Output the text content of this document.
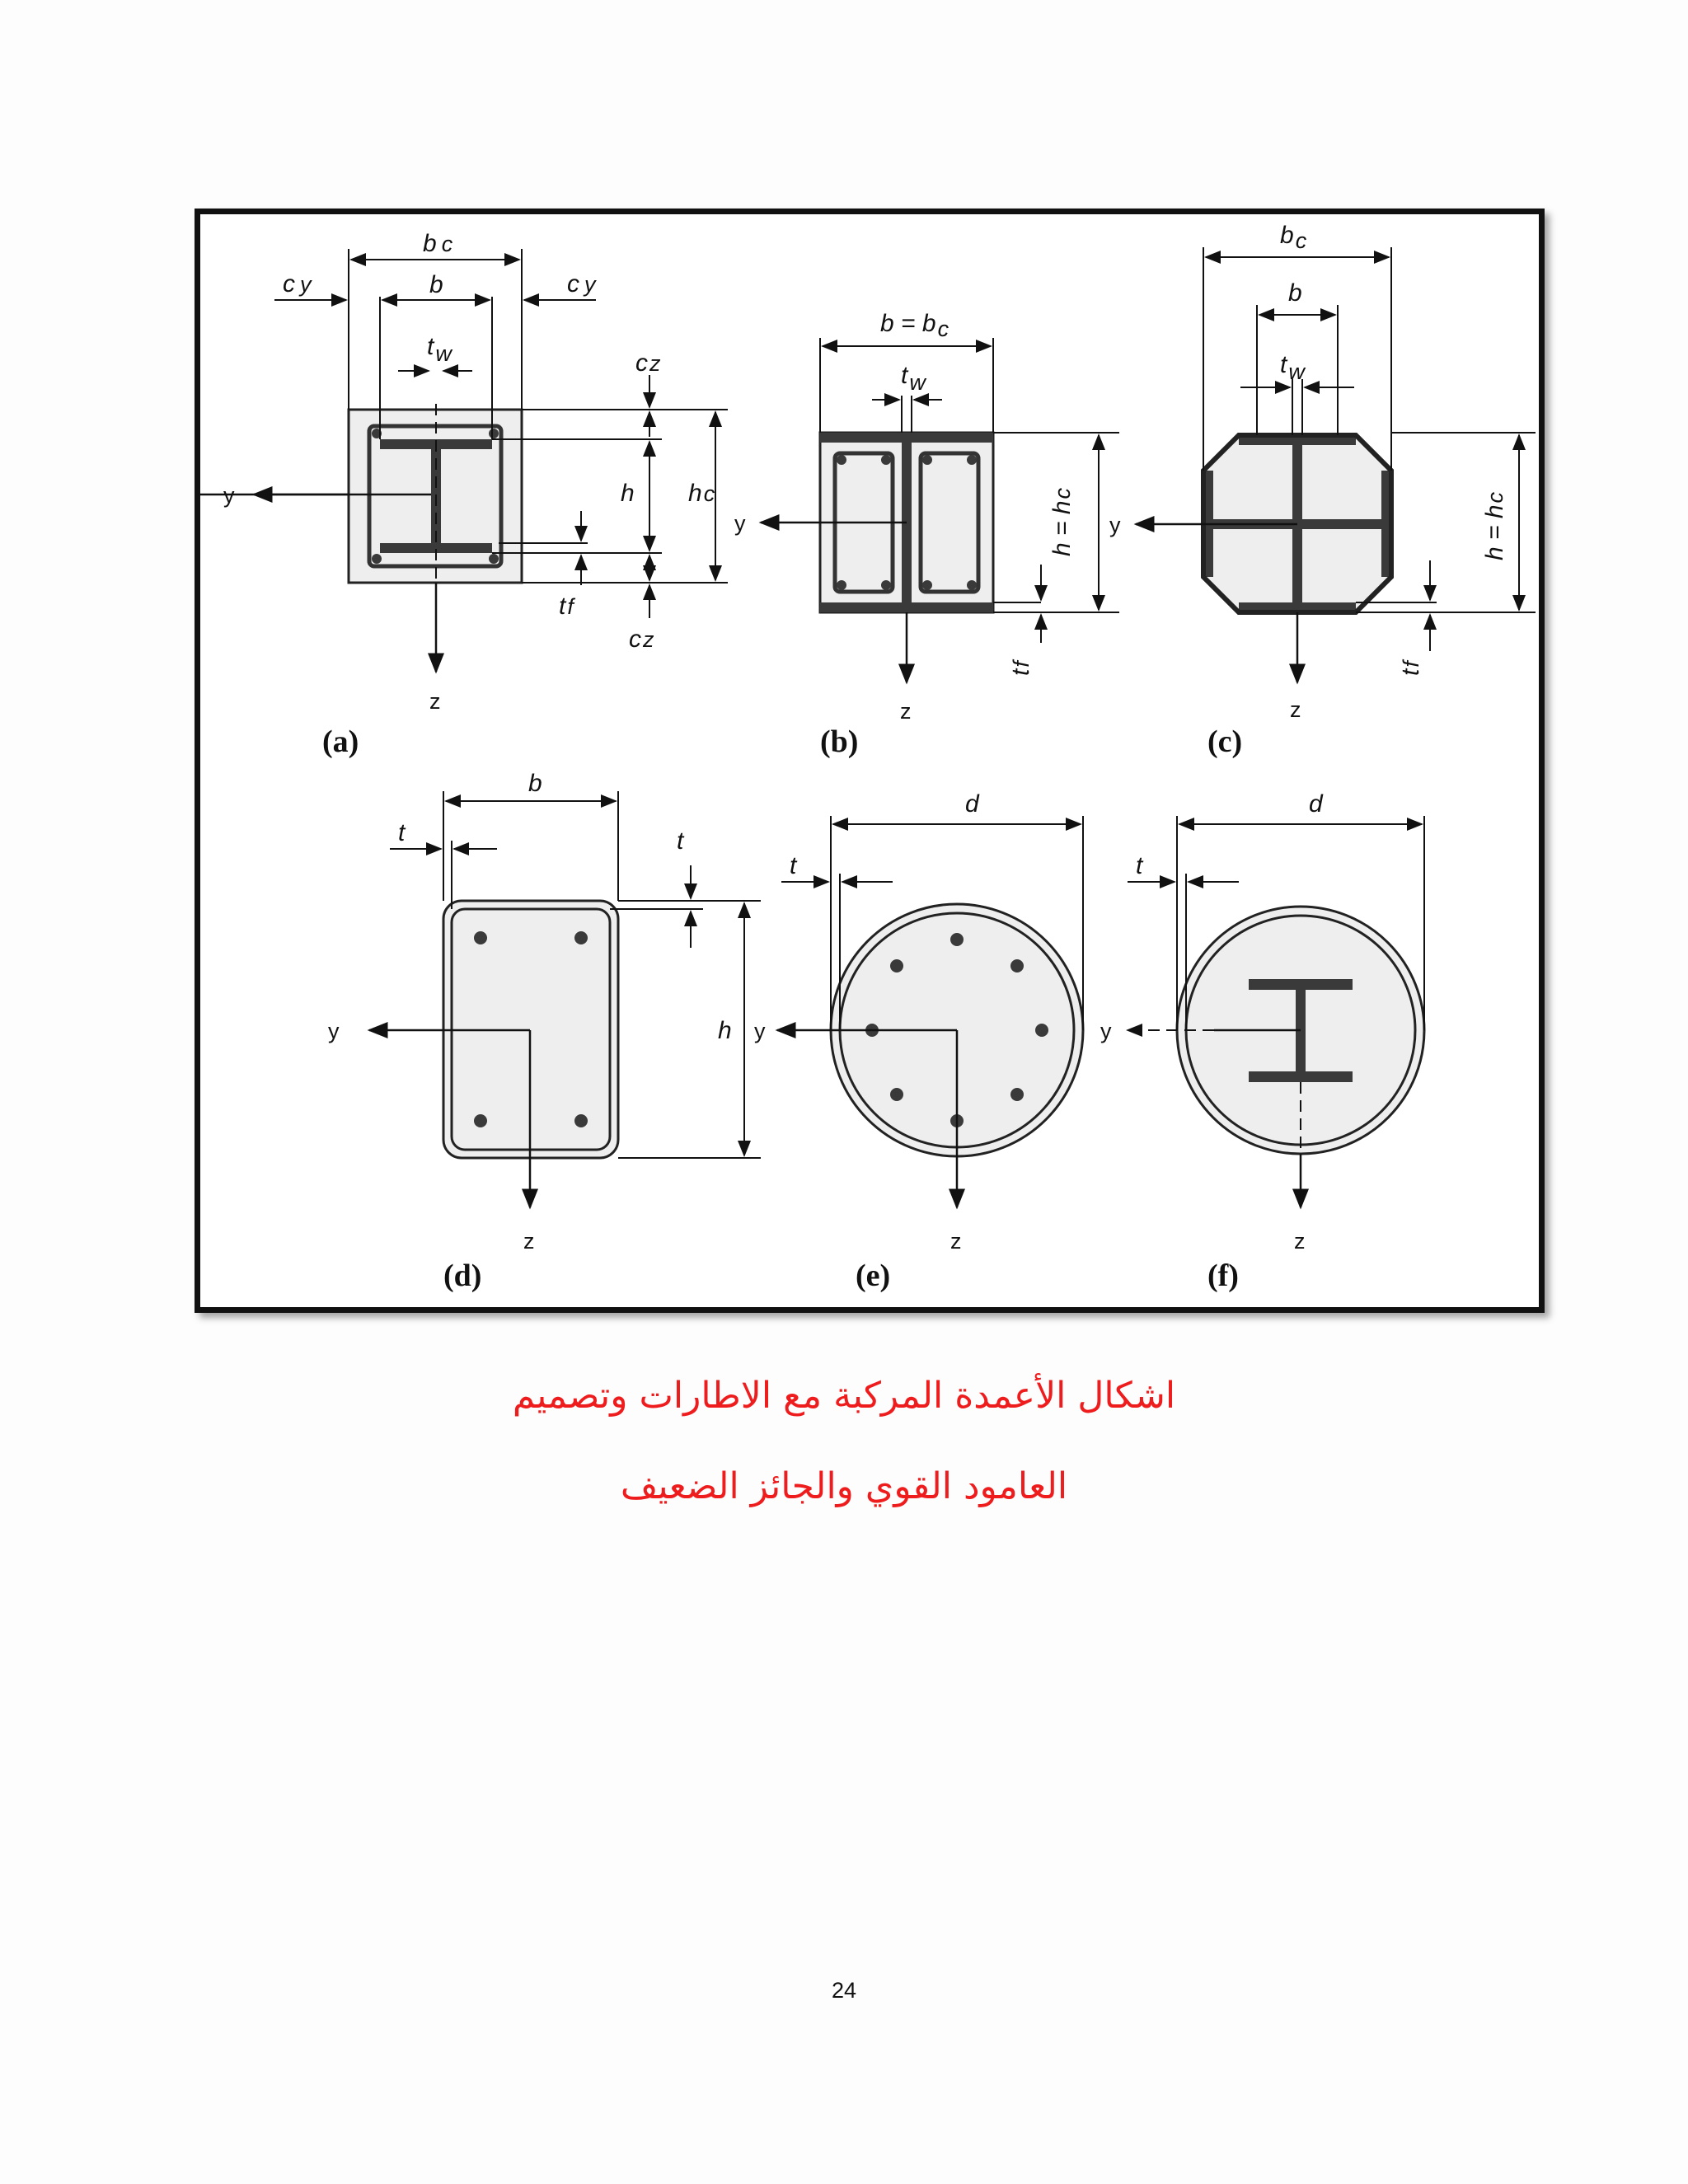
b c
b
c y	c y
tw	cz
h hc
tf
cz
y
z
(a)
b = bc
tw
h = hc
tf
y
z
(b)
bc
b
tw
h = hc
tf
y
z
(c)
b
t	t
h
y
z
(d)
d
t
y
z
(e)
d
t
y
z
(f)
اشكال الأعمدة المركبة مع الاطارات وتصميم
العامود القوي والجائز الضعيف
24
